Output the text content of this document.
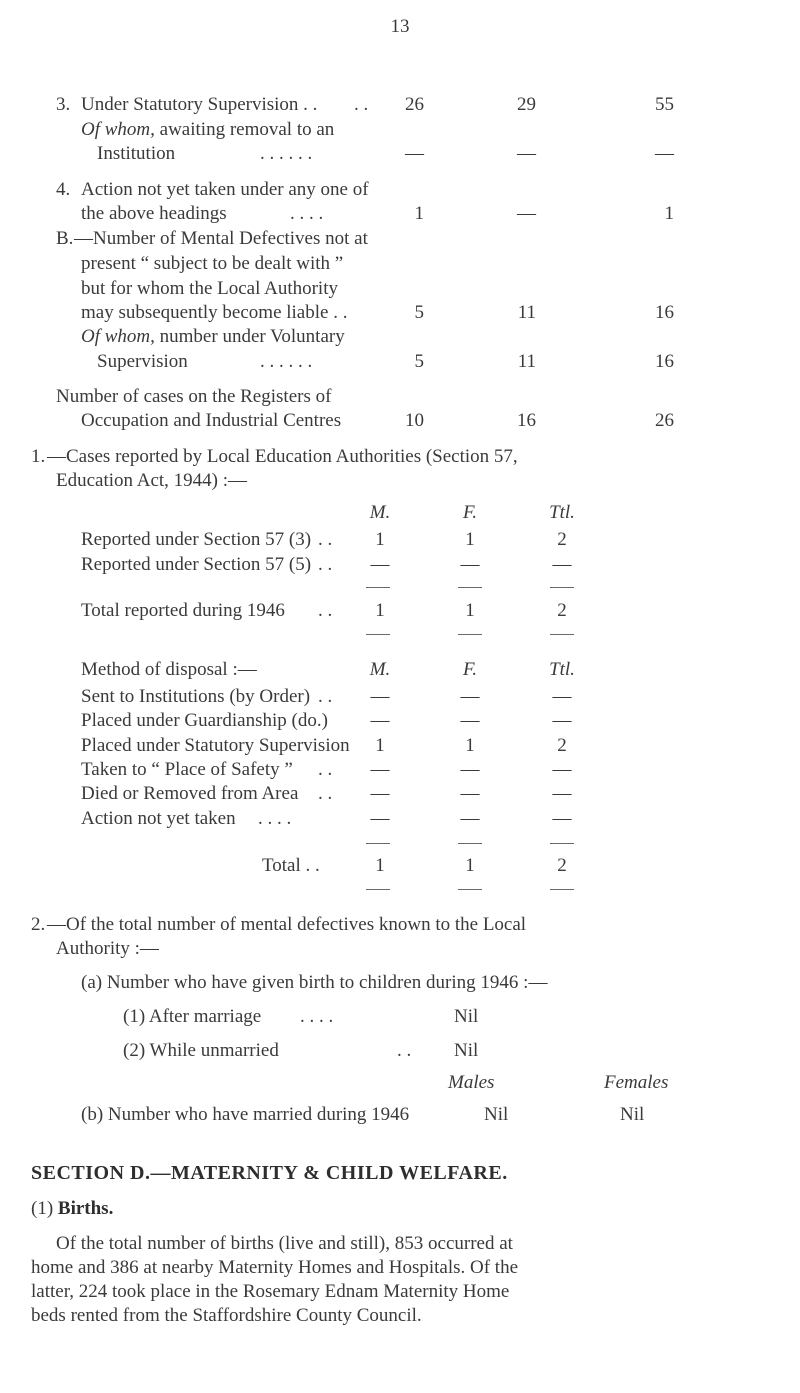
13
3. Under Statutory Supervision . . . .	26	29	55
Of whom, awaiting removal to an
Institution	. . . . . .	—	—	—
4. Action not yet taken under any one of
the above headings	. . . .	1	—	1
B. —Number of Mental Defectives not at
present “ subject to be dealt with ”
but for whom the Local Authority
may subsequently become liable . .	5	11	16
Of whom, number under Voluntary
Supervision	. . . . . .	5	11	16
Number of cases on the Registers of
Occupation and Industrial Centres	10	16	26
1. —Cases reported by Local Education Authorities (Section 57,
Education Act, 1944) :—
M.	F.	Ttl.
Reported under Section 57 (3) . .	1	1	2
Reported under Section 57 (5) . .	—	—	—
Total reported during 1946 . .	1	1	2
Method of disposal :—	M.	F.	Ttl.
Sent to Institutions (by Order) . .	—	—	—
Placed under Guardianship (do.)	—	—	—
Placed under Statutory Supervision	1	1	2
Taken to “ Place of Safety ” . .	—	—	—
Died or Removed from Area . .	—	—	—
Action not yet taken . . . .	—	—	—
Total . .	1	1	2
2. —Of the total number of mental defectives known to the Local
Authority :—
(a) Number who have given birth to children during 1946 :—
(1) After marriage . . . .	Nil
(2) While unmarried	. . Nil
Males	Females
(b) Number who have married during 1946	Nil	Nil
SECTION D.—MATERNITY & CHILD WELFARE.
(1) Births.
Of the total number of births (live and still), 853 occurred at
home and 386 at nearby Maternity Homes and Hospitals. Of the
latter, 224 took place in the Rosemary Ednam Maternity Home
beds rented from the Staffordshire County Council.
